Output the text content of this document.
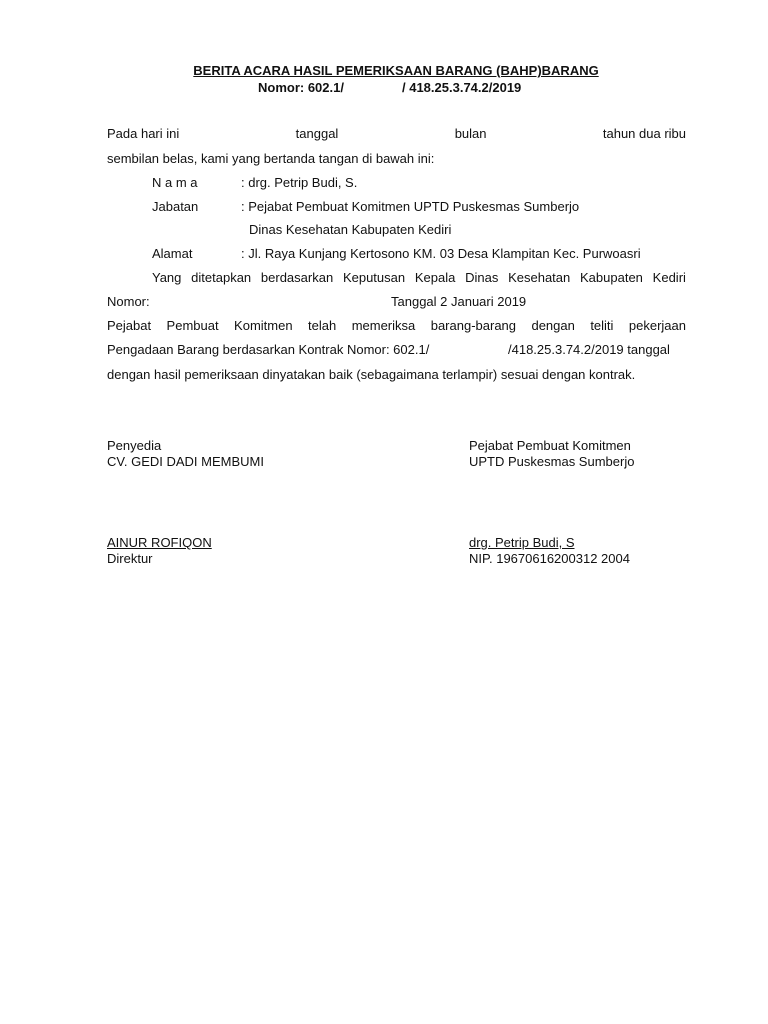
BERITA ACARA HASIL PEMERIKSAAN BARANG (BAHP)BARANG
Nomor: 602.1/	/ 418.25.3.74.2/2019
Pada hari ini	tanggal	bulan	tahun dua ribu
sembilan belas, kami yang bertanda tangan di bawah ini:
N a m a	: drg. Petrip Budi, S.
Jabatan	: Pejabat Pembuat Komitmen UPTD Puskesmas Sumberjo
Dinas Kesehatan Kabupaten Kediri
Alamat	: Jl. Raya Kunjang Kertosono KM. 03 Desa Klampitan Kec. Purwoasri
Yang ditetapkan berdasarkan Keputusan Kepala Dinas Kesehatan Kabupaten Kediri
Nomor:	Tanggal 2 Januari 2019
Pejabat Pembuat Komitmen telah memeriksa barang-barang dengan teliti pekerjaan
Pengadaan Barang berdasarkan Kontrak Nomor: 602.1/	/418.25.3.74.2/2019 tanggal
dengan hasil pemeriksaan dinyatakan baik (sebagaimana terlampir) sesuai dengan kontrak.
Penyedia
CV. GEDI DADI MEMBUMI
AINUR ROFIQON
Direktur
Pejabat Pembuat Komitmen
UPTD Puskesmas Sumberjo
drg. Petrip Budi, S
NIP. 19670616200312 2004
